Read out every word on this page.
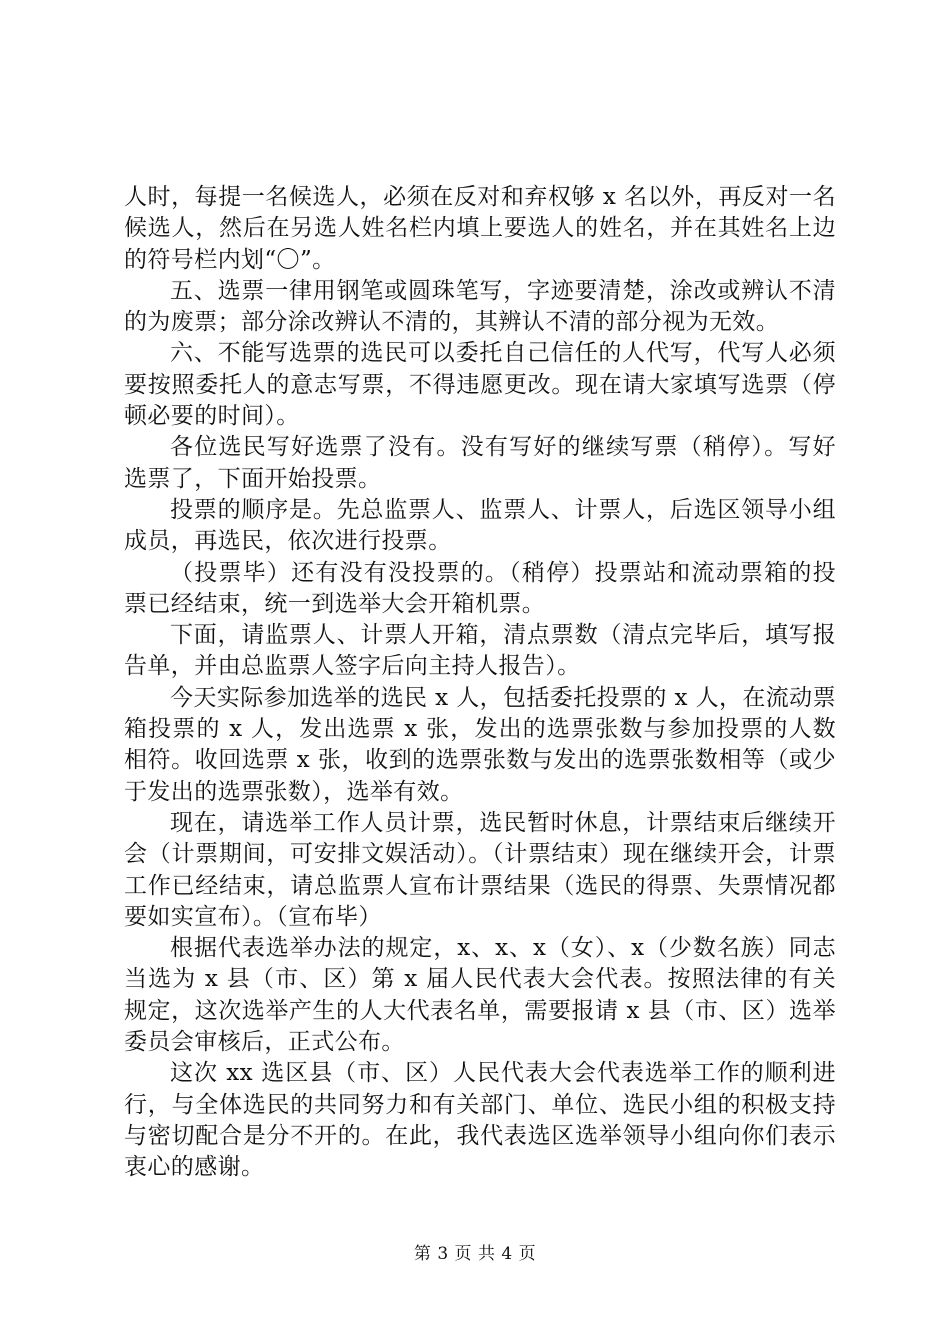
人时，每提一名候选人，必须在反对和弃权够 x 名以外，再反对一名候选人，然后在另选人姓名栏内填上要选人的姓名，并在其姓名上边的符号栏内划“〇”。

五、选票一律用钢笔或圆珠笔写，字迹要清楚，涂改或辨认不清的为废票；部分涂改辨认不清的，其辨认不清的部分视为无效。

六、不能写选票的选民可以委托自己信任的人代写，代写人必须要按照委托人的意志写票，不得违愿更改。现在请大家填写选票（停顿必要的时间）。

各位选民写好选票了没有。没有写好的继续写票（稍停）。写好选票了，下面开始投票。

投票的顺序是。先总监票人、监票人、计票人，后选区领导小组成员，再选民，依次进行投票。

（投票毕）还有没有没投票的。（稍停）投票站和流动票箱的投票已经结束，统一到选举大会开箱机票。

下面，请监票人、计票人开箱，清点票数（清点完毕后，填写报告单，并由总监票人签字后向主持人报告）。

今天实际参加选举的选民 x 人，包括委托投票的 x 人，在流动票箱投票的 x 人，发出选票 x 张，发出的选票张数与参加投票的人数相符。收回选票 x 张，收到的选票张数与发出的选票张数相等（或少于发出的选票张数），选举有效。

现在，请选举工作人员计票，选民暂时休息，计票结束后继续开会（计票期间，可安排文娱活动）。（计票结束）现在继续开会，计票工作已经结束，请总监票人宣布计票结果（选民的得票、失票情况都要如实宣布）。（宣布毕）

根据代表选举办法的规定，x、x、x（女）、x（少数名族）同志当选为 x 县（市、区）第 x 届人民代表大会代表。按照法律的有关规定，这次选举产生的人大代表名单，需要报请 x 县（市、区）选举委员会审核后，正式公布。

这次 xx 选区县（市、区）人民代表大会代表选举工作的顺利进行，与全体选民的共同努力和有关部门、单位、选民小组的积极支持与密切配合是分不开的。在此，我代表选区选举领导小组向你们表示衷心的感谢。

第 3 页 共 4 页
